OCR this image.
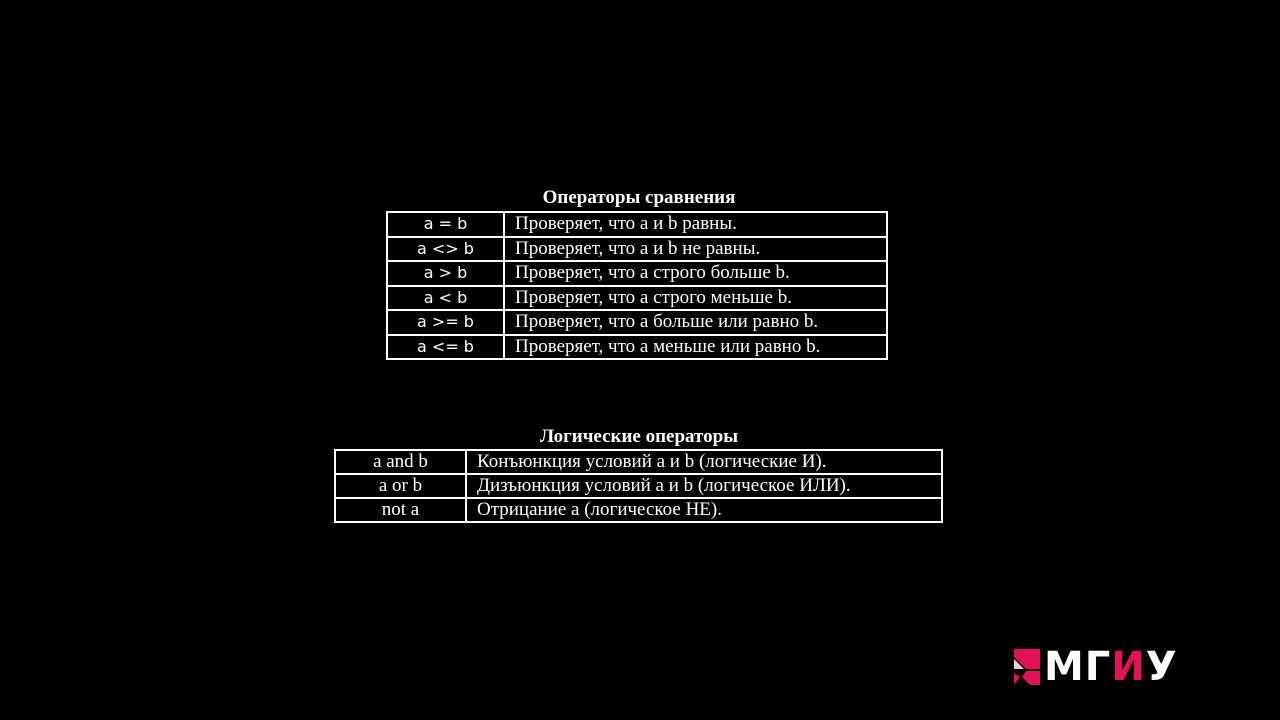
Операторы сравнения
a = b	Проверяет, что a и b равны.
a <> b	Проверяет, что a и b не равны.
a > b	Проверяет, что a строго больше b.
a < b	Проверяет, что a строго меньше b.
a >= b	Проверяет, что a больше или равно b.
a <= b	Проверяет, что a меньше или равно b.
Логические операторы
a and b	Конъюнкция условий a и b (логические И).
a or b	Дизъюнкция условий a и b (логическое ИЛИ).
not a	Отрицание a (логическое НЕ).
МГ И У
